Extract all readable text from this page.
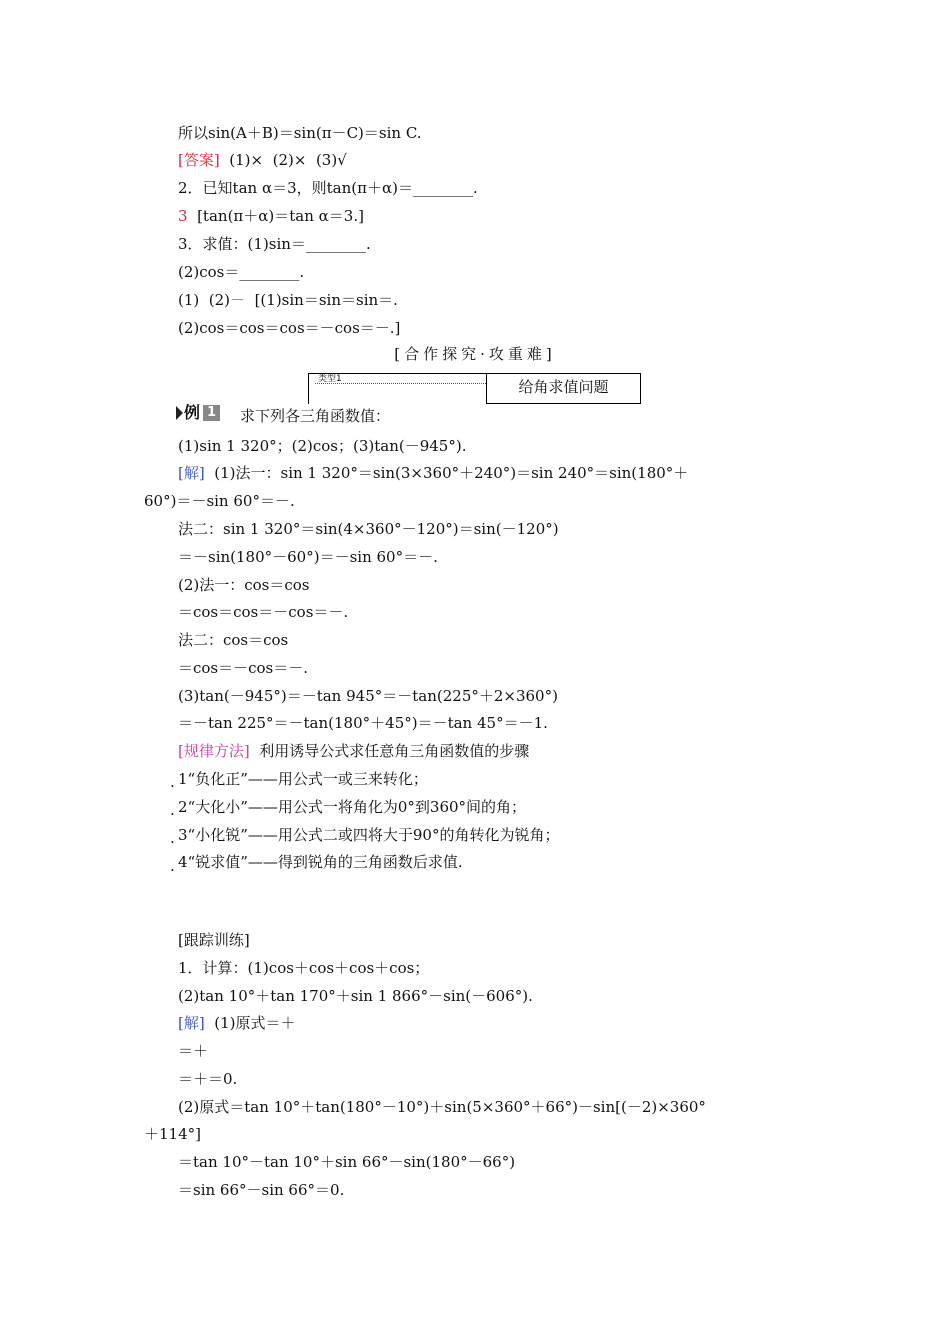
所以sin(A＋B)＝sin(π－C)＝sin C.
[答案]  (1)×  (2)×  (3)√
2．已知tan α＝3，则tan(π＋α)＝________.
3  [tan(π＋α)＝tan α＝3.]
3．求值：(1)sin＝________.
(2)cos＝________.
(1)  (2)－  [(1)sin＝sin＝sin＝.
(2)cos＝cos＝cos＝－cos＝－.]
[合作探究·攻重难]
类型1	给角求值问题
例 1 求下列各三角函数值：
(1)sin 1 320°；(2)cos；(3)tan(－945°).
[解]  (1)法一：sin 1 320°＝sin(3×360°＋240°)＝sin 240°＝sin(180°＋
60°)＝－sin 60°＝－.
法二：sin 1 320°＝sin(4×360°－120°)＝sin(－120°)
＝－sin(180°－60°)＝－sin 60°＝－.
(2)法一：cos＝cos
＝cos＝cos＝－cos＝－.
法二：cos＝cos
＝cos＝－cos＝－.
(3)tan(－945°)＝－tan 945°＝－tan(225°＋2×360°)
＝－tan 225°＝－tan(180°＋45°)＝－tan 45°＝－1.
[规律方法]  利用诱导公式求任意角三角函数值的步骤
. 1“负化正”——用公式一或三来转化；
. 2“大化小”——用公式一将角化为0°到360°间的角；
. 3“小化锐”——用公式二或四将大于90°的角转化为锐角；
. 4“锐求值”——得到锐角的三角函数后求值.
[跟踪训练]
1．计算：(1)cos＋cos＋cos＋cos；
(2)tan 10°＋tan 170°＋sin 1 866°－sin(－606°).
[解]  (1)原式＝＋
＝＋
＝＋＝0.
(2)原式＝tan 10°＋tan(180°－10°)＋sin(5×360°＋66°)－sin[(－2)×360°
＋114°]
＝tan 10°－tan 10°＋sin 66°－sin(180°－66°)
＝sin 66°－sin 66°＝0.
